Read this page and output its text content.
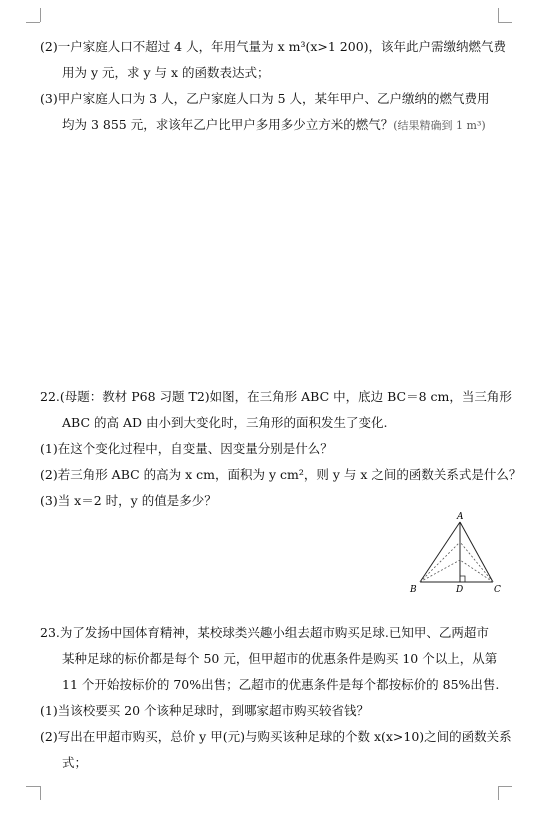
(2)一户家庭人口不超过 4 人，年用气量为 x m³(x>1 200)，该年此户需缴纳燃气费
用为 y 元，求 y 与 x 的函数表达式；
(3)甲户家庭人口为 3 人，乙户家庭人口为 5 人，某年甲户、乙户缴纳的燃气费用
均为 3 855 元，求该年乙户比甲户多用多少立方米的燃气？(结果精确到 1 m³)
22.(母题：教材 P68 习题 T2)如图，在三角形 ABC 中，底边 BC＝8 cm，当三角形
ABC 的高 AD 由小到大变化时，三角形的面积发生了变化.
(1)在这个变化过程中，自变量、因变量分别是什么？
(2)若三角形 ABC 的高为 x cm，面积为 y cm²，则 y 与 x 之间的函数关系式是什么？
(3)当 x＝2 时，y 的值是多少？
A
B	D	C
23.为了发扬中国体育精神，某校球类兴趣小组去超市购买足球.已知甲、乙两超市
某种足球的标价都是每个 50 元，但甲超市的优惠条件是购买 10 个以上，从第
11 个开始按标价的 70%出售；乙超市的优惠条件是每个都按标价的 85%出售.
(1)当该校要买 20 个该种足球时，到哪家超市购买较省钱？
(2)写出在甲超市购买，总价 y 甲(元)与购买该种足球的个数 x(x>10)之间的函数关系
式；
